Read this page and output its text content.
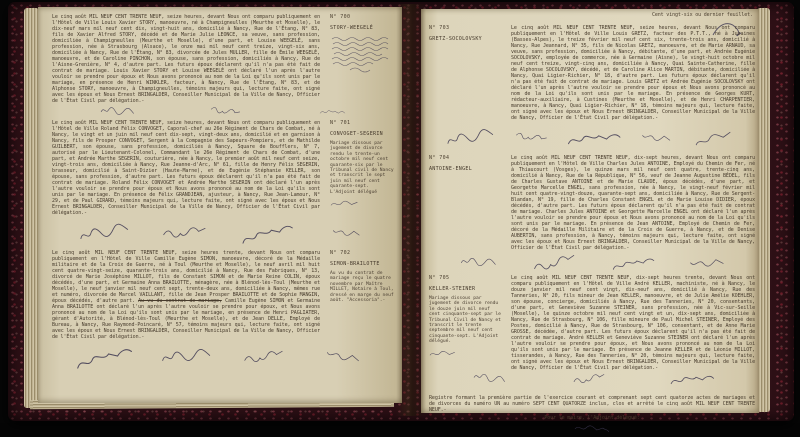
Le cinq août MIL NEUF CENT TRENTE NEUF, seize heures, devant Nous ont comparu publiquement en l'Hôtel de Ville Louis Xavier STORY, manoeuvre, né à Champigneulles (Meurthe et Moselle), le dix-neuf mars mil neuf cent dix, vingt-huit ans, domicilié à Nancy, Rue de l'Étang, N° 83, fils de Xavier Alfred STORY, décédé et de Marie Julie LEONCE, sa veuve, sans profession, domiciliée à Champigneulles (Meurthe et Moselle), d'une part, et Louise WEEGELÉ, sans profession, née à Strasbourg (Alsace), le onze mai mil neuf cent treize, vingt-six ans, domiciliée à Nancy, Rue de l'Étang, N° 83, divorcée de Jules MULLER, fille de Émile WEEGELÉ, manoeuvre, et de Caroline PINCHON, son épouse, sans profession, domiciliés à Nancy, Rue de l'Aisne-Grenière, N° 4, d'autre part. Les futurs époux déclarent qu'il n'a pas été fait de contrat de mariage. Louis Xavier STORY et Louise WEEGELÉ ont déclaré l'un après l'autre vouloir se prendre pour époux et Nous avons prononcé au nom de la Loi qu'ils sont unis par le mariage, en présence de Henri WINKLER, facteur, à Nancy, Rue de l'Étang, N° 83, et de Alphonse STORY, manoeuvre, à Champigneulles, témoins majeurs qui, lecture faite, ont signé avec les époux et Nous Ernest BRINGALDER, Conseiller Municipal de la Ville de Nancy, Officier de l'État Civil par délégation.-
N° 700
STORY-WEEGELÉ
Le cinq août MIL NEUF CENT TRENTE NEUF, seize heures, devant Nous ont comparu publiquement en l'Hôtel de Ville Roland Félix CONVOGET, Caporal-chef au 26e Régiment de Chars de Combat, né à Nancy, le vingt et un juin mil neuf cent dix-sept, vingt-deux ans, domicilié et en garnison à Nancy, fils de Prosper CONVOGET, Sergent à la Compagnie des Sapeurs-Pompiers, et de Mathilde GUILBERT, son épouse, sans profession, domiciliés à Nancy, Square de Boufflers, N° 7, autorisé par le Lieutenant-Colonel, Commandant le 26e Régiment de Chars de Combat, d'une part, et Andrée Marthe SEGERIN, couturière, née à Nancy, le premier août mil neuf cent seize, vingt-trois ans, domiciliée à Nancy, Rue Jeanne-d'Arc, N° 61, fille de Henry Félix SEGERIN, brasseur, domicilié à Saint-Dizier (Haute-Marne), et de Eugénie Stéphanie KELLER, son épouse, sans profession, d'autre part. Les futurs époux déclarent qu'il n'a pas été fait de contrat de mariage. Roland Félix CONVOGET et Andrée Marthe SEGERIN ont déclaré l'un après l'autre vouloir se prendre pour époux et Nous avons prononcé au nom de la Loi qu'ils sont unis par le mariage. En présence de Félix GRANDJEAN, ajusteur, à Nancy, Rue Jean-Lamour, N° 29, et de Paul GIRARD, témoins majeurs qui, lecture faite, ont signé avec les époux et Nous Ernest BRINGALDER, Conseiller Municipal de la Ville de Nancy, Officier de l'État Civil par délégation.-
N° 701
CONVOGET-SEGERIN
Mariage dissous par jugement de divorce rendu le trente-un octobre mil neuf cent quarante-six par le Tribunal civil de Nancy et transcrit le sept juin mil neuf cent quarante-sept. L'Adjoint délégué
Le cinq août MIL NEUF CENT TRENTE NEUF, seize heures trente, devant Nous ont comparu publiquement en l'Hôtel de Ville Camille Eugène SIMON, manoeuvre, décoré de la Médaille militaire et de la Croix de Guerre, né à Toul (Meurthe et Moselle), le neuf avril mil huit cent quatre-vingt-seize, quarante-trois ans, domicilié à Nancy, Rue des Fabriques, N° 13, divorcé de Marie Joséphine MILLOT, fils de Constant SIMON et de Marie Reine COLIN, époux décédés, d'une part, et Germaine Anna BRAILOTTE, ménagère, née à Blénod-lès-Toul (Meurthe et Moselle), le neuf janvier mil neuf cent sept, trente-deux ans, domiciliée à Nancy, mêmes rue et numéro, divorcée de Marcel VAILLANT, fille de Jean Prosper BRAILOTTE et de Sophie MANGIN, époux décédés, d'autre part. Au vu du contrat de mariage, Camille Eugène SIMON et Germaine Anna BRAILOTTE ont déclaré l'un après l'autre vouloir se prendre pour époux, et Nous avons prononcé au nom de la Loi qu'ils sont unis par le mariage, en présence de Henri PAGLIATER, gérant d'Autorité, à Blénod-lès-Toul (Meurthe et Moselle), et de Jean DELLE, Employé de Bureau, à Nancy, Rue Raymond-Poincaré, N° 57, témoins majeurs qui, lecture faite, ont signé avec les époux et Nous Ernest BRINGALDER, Conseiller Municipal de la Ville de Nancy, Officier de l'État Civil par délégation.-
N° 702
SIMON-BRAILOTTE
Au vu du contrat de mariage reçu le quatre novembre par Maître MILLET, Notaire à Toul, dressé en marge du neuf août. "Accessoria".-
Cent vingt-six ou dernier feuillet.
N° 703
GRETZ-SOCOLOVSKY
Le cinq août MIL NEUF CENT TRENTE NEUF, seize heures, devant Nous ont comparu publiquement en l'Hôtel de Ville Louis GRETZ, facteur des P.T.T., né à Juzaines (Basses-Alpes), le treize février mil neuf cent six, trente-trois ans, domicilié à Nancy, Rue Jeannard, N° 35, fils de Nicolas GRETZ, manoeuvre, et de Marie ARNAUD, sa veuve, sans profession, domiciliée à Nancy, débitante, d'une part, et Andrée Eugénie SOCOLOVSKY, employée de commerce, née à Germaine (Aisne), le vingt-huit octobre mil neuf cent treize, vingt-cinq ans, domiciliée à Nancy, Quai Sainte-Catherine, fille de Alphonse SOCOLOVSKY, décédé, et de Caroline Alice MARTIN, débitante, domiciliée à Nancy, Quai Ligier-Richier, N° 18, d'autre part. Les futurs époux déclarent qu'il n'a pas été fait de contrat de mariage. Louis GRETZ et Andrée Eugénie SOCOLOVSKY ont déclaré l'un après l'autre vouloir se prendre pour époux et Nous avons prononcé au nom de la Loi qu'ils sont unis par le mariage. En présence de Georges KURT, rédacteur-auxiliaire, à Custines (Meurthe et Moselle), et de Henri CHARPENTIER, manoeuvre, à Nancy, Quai Ligier-Richier, N° 18, témoins majeurs qui, lecture faite, ont signé avec les époux et Nous Ernest BRINGALDER, Conseiller Municipal de la Ville de Nancy, Officier de l'État Civil par délégation.-
N° 704
ANTOINE-ENGEL
Le cinq août MIL NEUF CENT TRENTE NEUF, dix-sept heures, devant Nous ont comparu publiquement en l'Hôtel de Ville Charles Jules ANTOINE, Employé du Chemin de Fer, né à Thiaucourt (Vosges), le quinze mars mil neuf cent quatre, trente-cinq ans, domicilié à Nancy, Rue de la République, N° 56, veuf de Jeanne Augustine BÉDEL, fils de Charles Gustave ANTOINE et de Marie CLAUDE, époux décédés, d'une part, et Georgette Marcelle ENGEL, sans profession, née à Nancy, le vingt-neuf février mil huit cent quatre-vingt-douze, quarante-sept ans, domiciliée à Nancy, Rue de Sergent-Blandan, N° 19, fille de Charles Constant ENGEL et de Marie Louise DIDIER, époux décédés, d'autre part. Les futurs époux déclarent qu'il n'a pas été fait de contrat de mariage. Charles Jules ANTOINE et Georgette Marcelle ENGEL ont déclaré l'un après l'autre vouloir se prendre pour époux et Nous avons prononcé au nom de la Loi qu'ils sont unis par le mariage. En présence de Jean ANTOINE, Employé de Chemin de Fer, décoré de la Médaille Militaire et de la Croix de Guerre, à Nancy, et de Denise AUBERTIN, sans profession, à Nancy, témoins majeurs qui, lecture faite, ont signé avec les époux et Nous Ernest BRINGALDER, Conseiller Municipal de la Ville de Nancy, Officier de l'État Civil par délégation.-
N° 705
KELLER-STEINER
Mariage dissous par jugement de divorce rendu le douze juin mil neuf cent cinquante-sept par le Tribunal Civil de Nancy et transcrit le trente septembre mil neuf cent cinquante-sept. L'Adjoint délégué.
Le cinq août MIL NEUF CENT TRENTE NEUF, dix-sept heures trente, devant Nous ont comparu publiquement en l'Hôtel de Ville André KELLER, machiniste, né à Nancy, le douze janvier mil neuf cent vingt, dix-neuf ans, domicilié à Nancy, Rue des Tanneries, N° 20, fils mineur de Jean KELLER, manoeuvre, et de Julie Amélie KOEHLER, son épouse, concierge, domiciliés à Nancy, Rue des Tanneries, N° 20, consentants, d'une part, et Geneviève Suzanne STEINER, sans profession, née à Vic-sur-Seille (Moselle), le quinze octobre mil neuf cent vingt et un, dix-sept ans, domiciliée à Nancy, Rue de Strasbourg, N° 106, fille mineure de Paul Michel STEINER, Employé des Postes, domicilié à Nancy, Rue de Strasbourg, N° 106, consentant, et de Anne Marie GROSSE, décédée, d'autre part. Les futurs époux déclarent qu'il n'a pas été fait de contrat de mariage. André KELLER et Geneviève Suzanne STEINER ont déclaré l'un après l'autre vouloir se prendre pour époux, et Nous avons prononcé au nom de la Loi qu'ils sont unis par le mariage. En présence de Jeanne KELLER et de Léonie MILLOT, tisserandes, à Nancy, Rue des Tanneries, N° 20, témoins majeurs qui, lecture faite, ont signé avec les époux et Nous Ernest BRINGALDER, Conseiller Municipal de la Ville de Nancy, Officier de l'État Civil par délégation.-
Registre formant la première partie de l'exercice courant et comprenant sept cent quatorze actes de mariages et de divorces du numéro UN au numéro SEPT CENT QUATORZE inclus, clos et arrêté le cinq août MIL NEUF CENT TRENTE NEUF.-
Pour le maire, l'Adjoint délégué:
